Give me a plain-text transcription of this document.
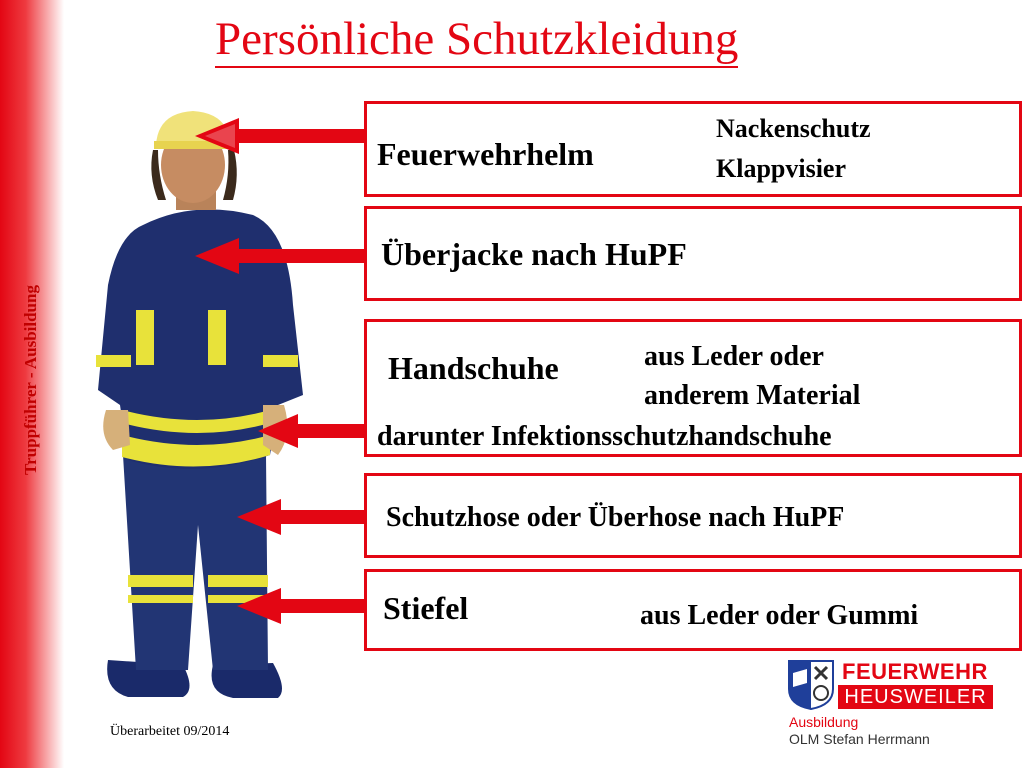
Truppführer - Ausbildung
Persönliche Schutzkleidung
Feuerwehrhelm
Nackenschutz
Klappvisier
Überjacke nach HuPF
Handschuhe	aus Leder oder
anderem Material
darunter Infektionsschutzhandschuhe
Schutzhose oder Überhose nach HuPF
Stiefel	aus Leder oder Gummi
Überarbeitet 09/2014
FEUERWEHR
HEUSWEILER
Ausbildung
OLM Stefan Herrmann
